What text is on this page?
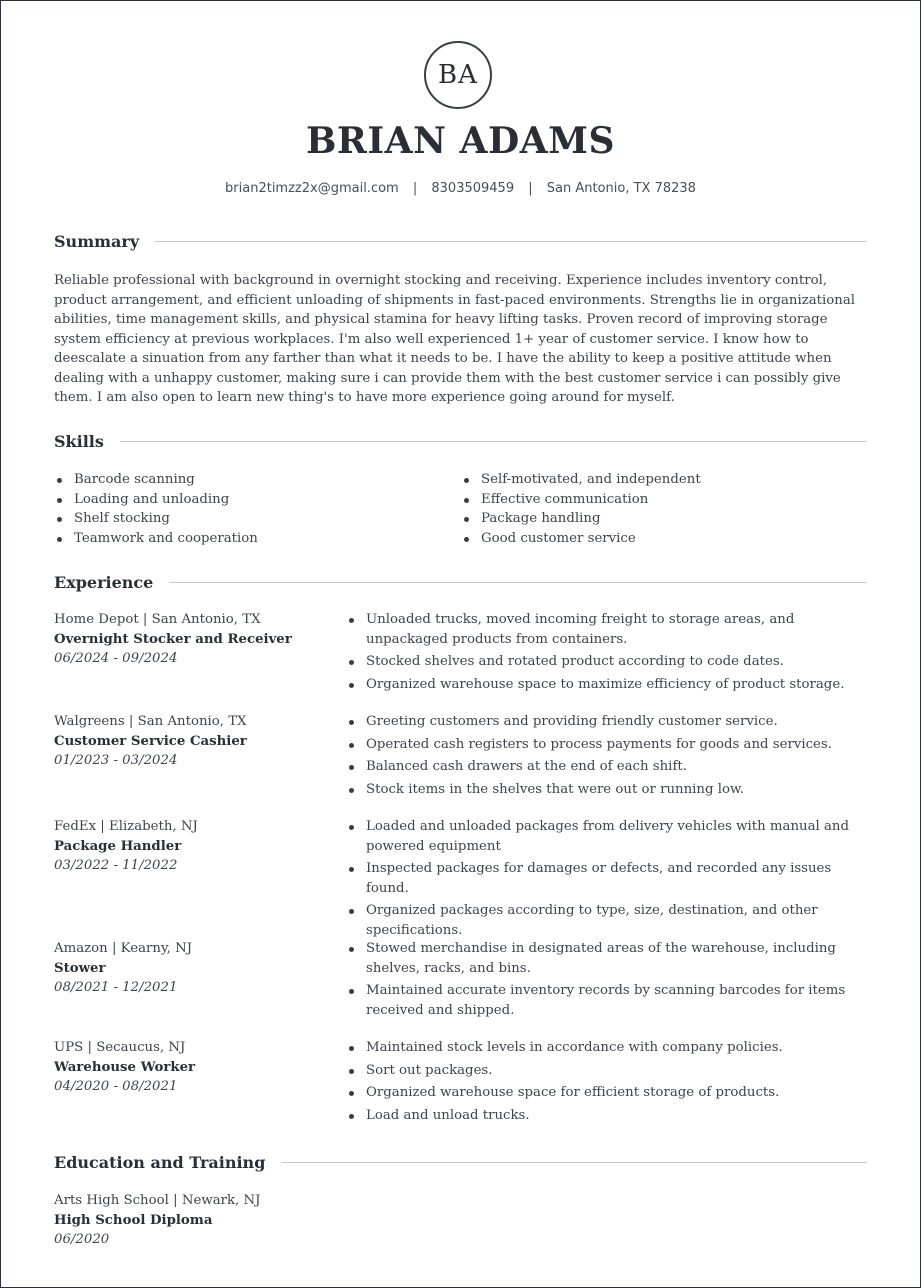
BA
BRIAN ADAMS
brian2timzz2x@gmail.com | 8303509459 | San Antonio, TX 78238
Summary

Reliable professional with background in overnight stocking and receiving. Experience includes inventory control, product arrangement, and efficient unloading of shipments in fast-paced environments. Strengths lie in organizational abilities, time management skills, and physical stamina for heavy lifting tasks. Proven record of improving storage system efficiency at previous workplaces. I'm also well experienced 1+ year of customer service. I know how to deescalate a sinuation from any farther than what it needs to be. I have the ability to keep a positive attitude when dealing with a unhappy customer, making sure i can provide them with the best customer service i can possibly give them. I am also open to learn new thing's to have more experience going around for myself.

Skills
Barcode scanning
Loading and unloading
Shelf stocking
Teamwork and cooperation
Self-motivated, and independent
Effective communication
Package handling
Good customer service
Experience
Home Depot | San Antonio, TX
Overnight Stocker and Receiver
06/2024 - 09/2024
Unloaded trucks, moved incoming freight to storage areas, and unpackaged products from containers.
Stocked shelves and rotated product according to code dates.
Organized warehouse space to maximize efficiency of product storage.
Walgreens | San Antonio, TX
Customer Service Cashier
01/2023 - 03/2024
Greeting customers and providing friendly customer service.
Operated cash registers to process payments for goods and services.
Balanced cash drawers at the end of each shift.
Stock items in the shelves that were out or running low.
FedEx | Elizabeth, NJ
Package Handler
03/2022 - 11/2022
Loaded and unloaded packages from delivery vehicles with manual and powered equipment
Inspected packages for damages or defects, and recorded any issues found.
Organized packages according to type, size, destination, and other specifications.
Amazon | Kearny, NJ
Stower
08/2021 - 12/2021
Stowed merchandise in designated areas of the warehouse, including shelves, racks, and bins.
Maintained accurate inventory records by scanning barcodes for items received and shipped.
UPS | Secaucus, NJ
Warehouse Worker
04/2020 - 08/2021
Maintained stock levels in accordance with company policies.
Sort out packages.
Organized warehouse space for efficient storage of products.
Load and unload trucks.
Education and Training
Arts High School | Newark, NJ
High School Diploma
06/2020
